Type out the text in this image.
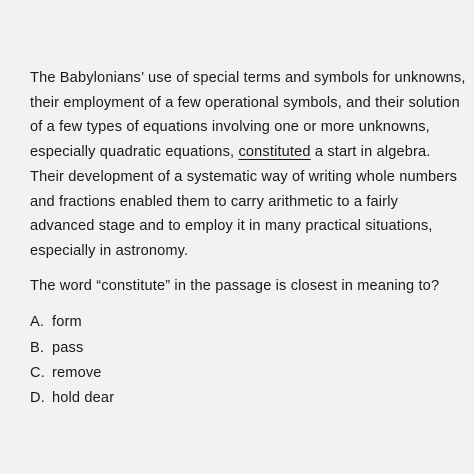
The Babylonians’ use of special terms and symbols for unknowns,
their employment of a few operational symbols, and their solution
of a few types of equations involving one or more unknowns,
especially quadratic equations, constituted a start in algebra.
Their development of a systematic way of writing whole numbers
and fractions enabled them to carry arithmetic to a fairly
advanced stage and to employ it in many practical situations,
especially in astronomy.

The word “constitute” in the passage is closest in meaning to?

A. form
B. pass
C. remove
D. hold dear
